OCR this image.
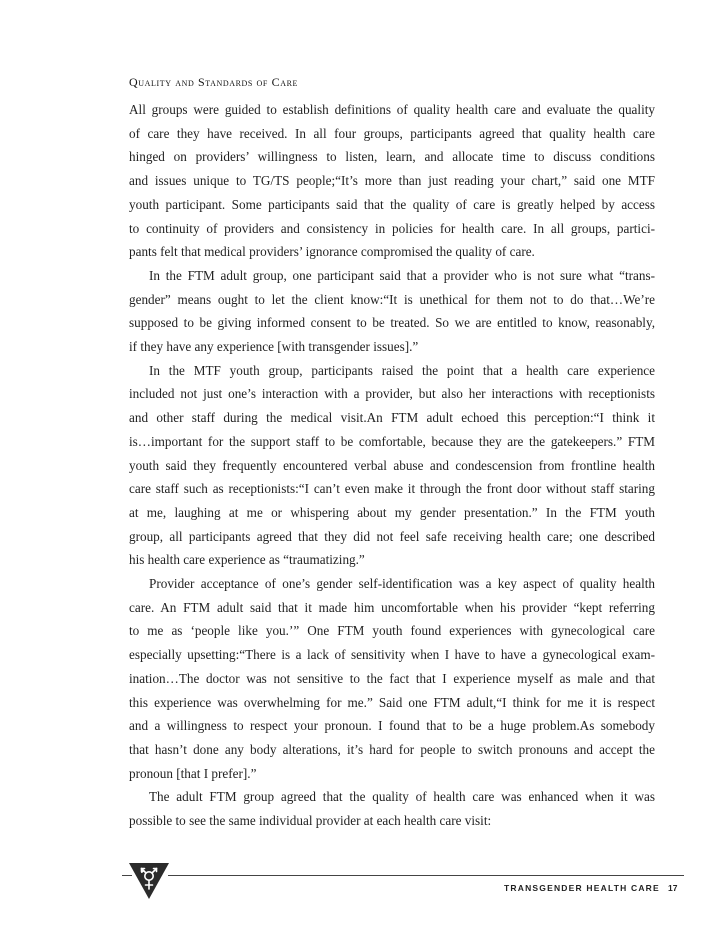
Quality and Standards of Care
All groups were guided to establish definitions of quality health care and evaluate the quality
of care they have received. In all four groups, participants agreed that quality health care
hinged on providers’ willingness to listen, learn, and allocate time to discuss conditions
and issues unique to TG/TS people;“It’s more than just reading your chart,” said one MTF
youth participant. Some participants said that the quality of care is greatly helped by access
to continuity of providers and consistency in policies for health care. In all groups, partici-
pants felt that medical providers’ ignorance compromised the quality of care.
In the FTM adult group, one participant said that a provider who is not sure what “trans-
gender” means ought to let the client know:“It is unethical for them not to do that…We’re
supposed to be giving informed consent to be treated. So we are entitled to know, reasonably,
if they have any experience [with transgender issues].”
In the MTF youth group, participants raised the point that a health care experience
included not just one’s interaction with a provider, but also her interactions with receptionists
and other staff during the medical visit.An FTM adult echoed this perception:“I think it
is…important for the support staff to be comfortable, because they are the gatekeepers.” FTM
youth said they frequently encountered verbal abuse and condescension from frontline health
care staff such as receptionists:“I can’t even make it through the front door without staff staring
at me, laughing at me or whispering about my gender presentation.” In the FTM youth
group, all participants agreed that they did not feel safe receiving health care; one described
his health care experience as “traumatizing.”
Provider acceptance of one’s gender self-identification was a key aspect of quality health
care. An FTM adult said that it made him uncomfortable when his provider “kept referring
to me as ‘people like you.’” One FTM youth found experiences with gynecological care
especially upsetting:“There is a lack of sensitivity when I have to have a gynecological exam-
ination…The doctor was not sensitive to the fact that I experience myself as male and that
this experience was overwhelming for me.” Said one FTM adult,“I think for me it is respect
and a willingness to respect your pronoun. I found that to be a huge problem.As somebody
that hasn’t done any body alterations, it’s hard for people to switch pronouns and accept the
pronoun [that I prefer].”
The adult FTM group agreed that the quality of health care was enhanced when it was
possible to see the same individual provider at each health care visit:
TRANSGENDER HEALTH CARE 17
